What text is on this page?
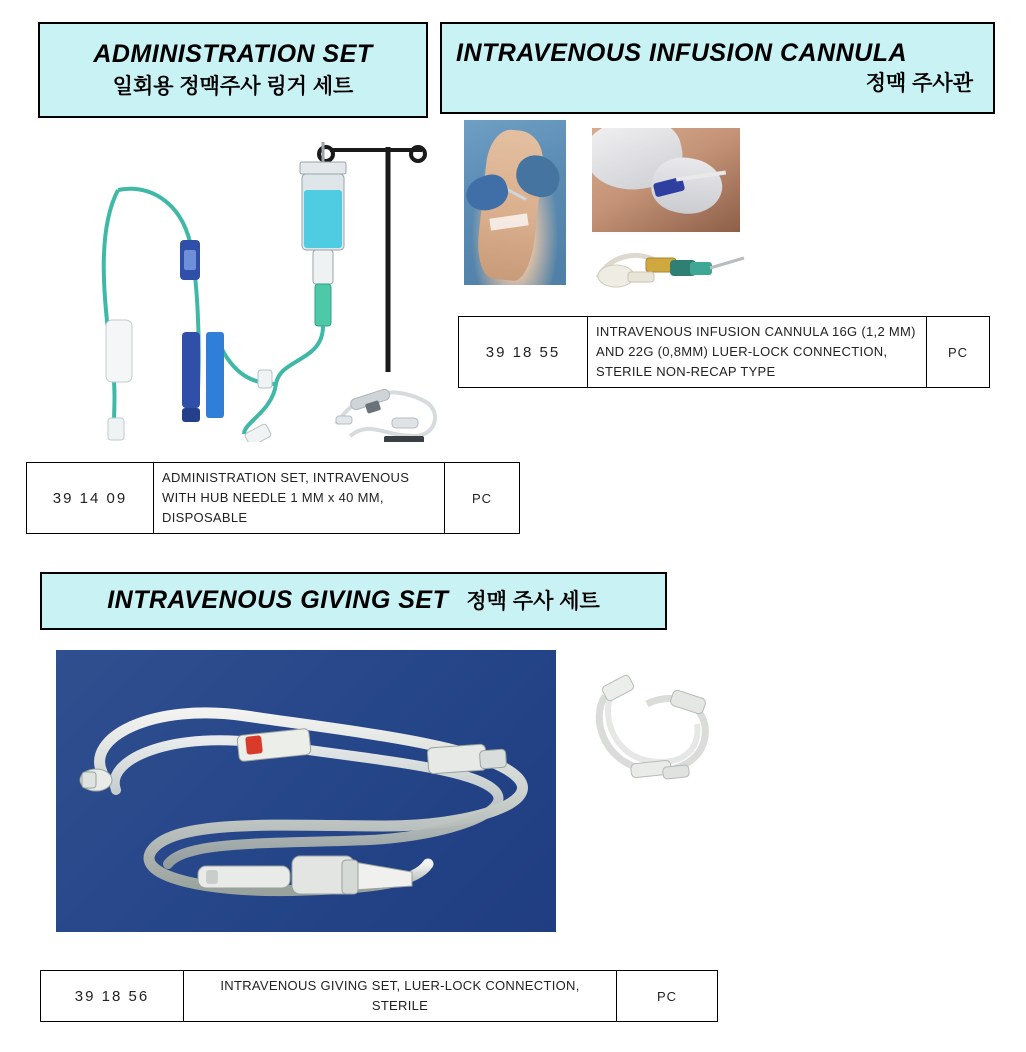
ADMINISTRATION SET
일회용 정맥주사 링거 세트
INTRAVENOUS INFUSION CANNULA
정맥 주사관
39 18 55	INTRAVENOUS INFUSION CANNULA 16G (1,2 MM) AND 22G (0,8MM) LUER-LOCK CONNECTION, STERILE NON-RECAP TYPE	PC
39 14 09	ADMINISTRATION SET, INTRAVENOUS WITH HUB NEEDLE 1 MM x 40 MM, DISPOSABLE	PC
INTRAVENOUS GIVING SET 정맥 주사 세트
39 18 56	INTRAVENOUS GIVING SET, LUER-LOCK CONNECTION, STERILE	PC
